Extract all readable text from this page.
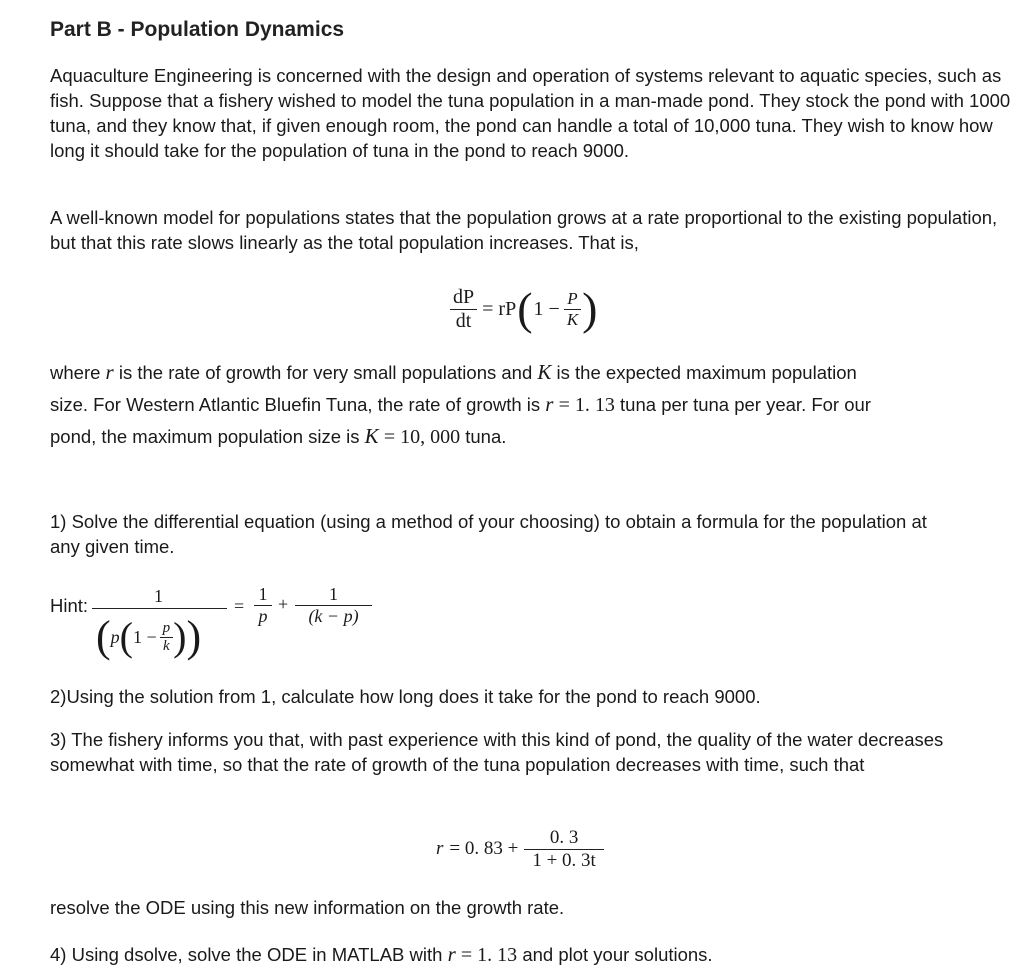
Part B - Population Dynamics
Aquaculture Engineering is concerned with the design and operation of systems relevant to aquatic species, such as fish. Suppose that a fishery wished to model the tuna population in a man-made pond. They stock the pond with 1000 tuna, and they know that, if given enough room, the pond can handle a total of 10,000 tuna. They wish to know how long it should take for the population of tuna in the pond to reach 9000.
A well-known model for populations states that the population grows at a rate proportional to the existing population, but that this rate slows linearly as the total population increases. That is,
$\frac{dP}{dt}$ = rP ( $1 - \frac{P}{K}$ )
where r is the rate of growth for very small populations and K is the expected maximum population
size. For Western Atlantic Bluefin Tuna, the rate of growth is r = 1. 13 tuna per tuna per year. For our
pond, the maximum population size is K = 10, 000 tuna.
1) Solve the differential equation (using a method of your choosing) to obtain a formula for the population at any given time.
Hint:	1
( p ( $1 - \frac{p}{k}$ ) )
= $\frac{1}{p} + \frac{1}{(k - p)}$
2)Using the solution from 1, calculate how long does it take for the pond to reach 9000.
3) The fishery informs you that, with past experience with this kind of pond, the quality of the water decreases somewhat with time, so that the rate of growth of the tuna population decreases with time, such that
r = 0. $83 + \frac{0. 3}{1 + 0. 3t}$
resolve the ODE using this new information on the growth rate.
4) Using dsolve, solve the ODE in MATLAB with r = 1. 13 and plot your solutions.
